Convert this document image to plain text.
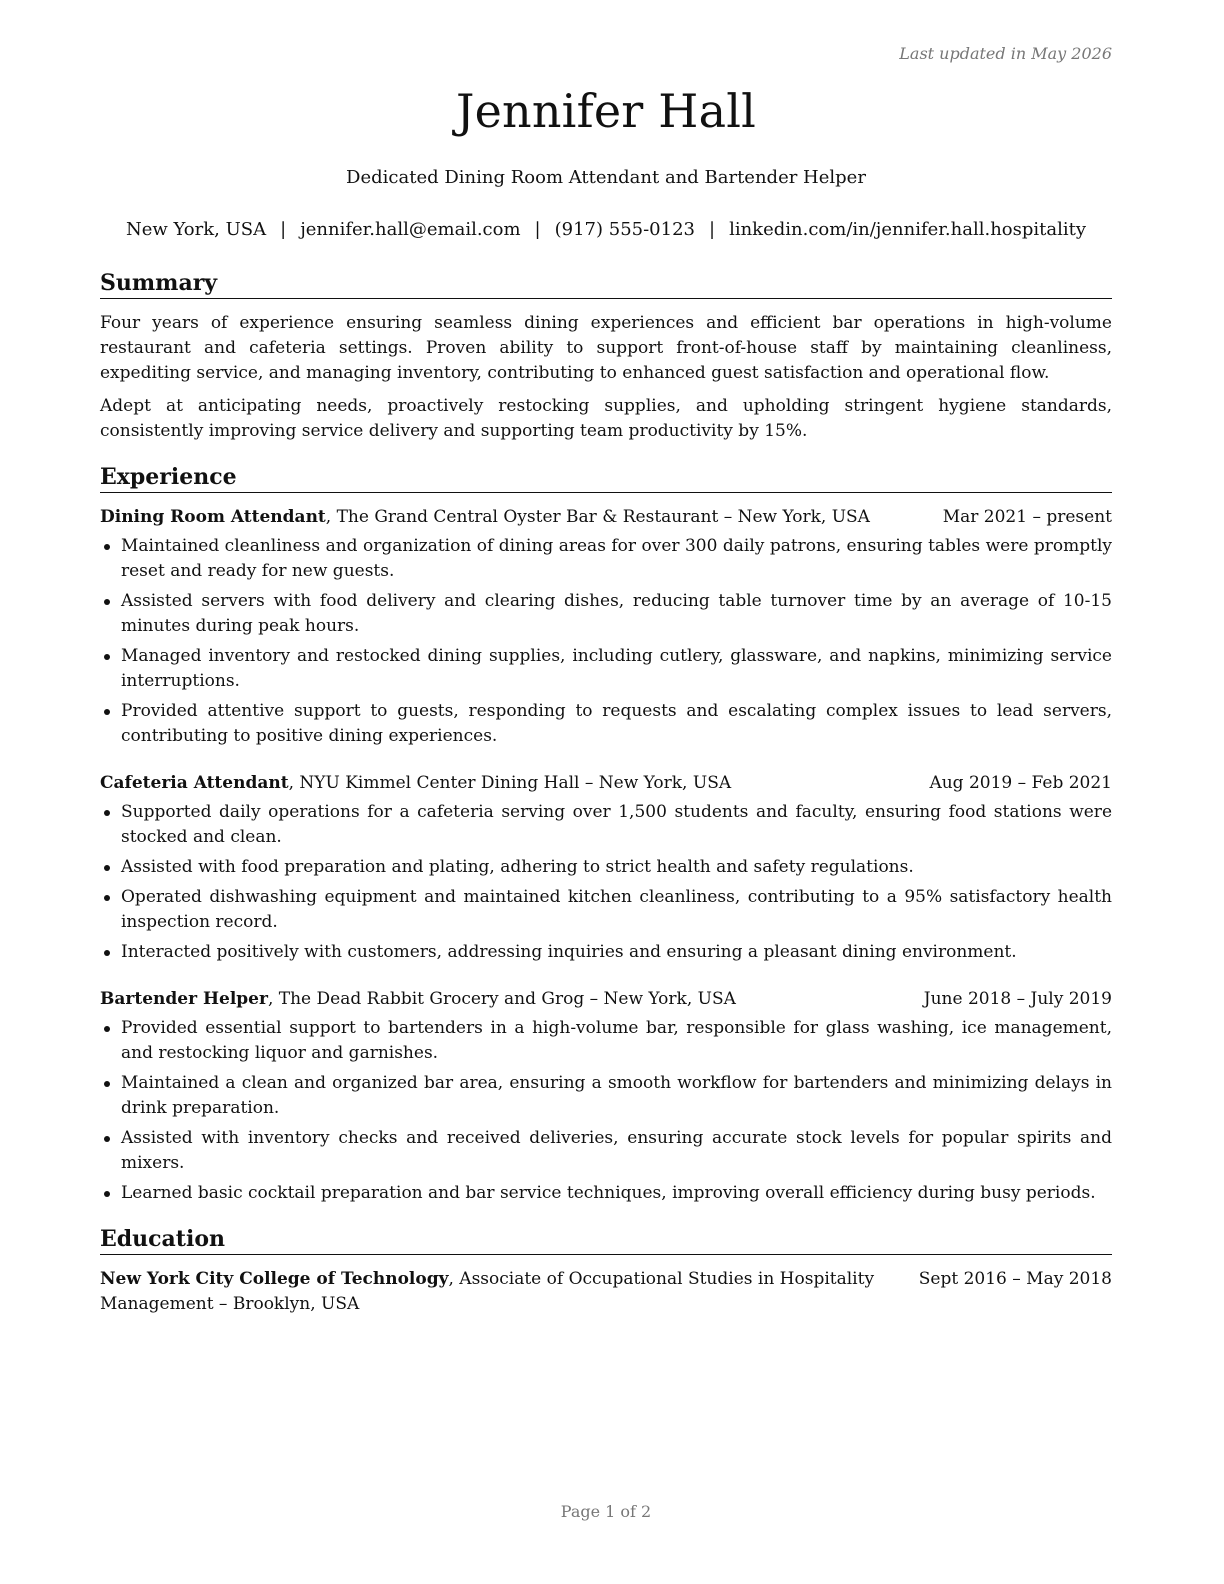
Last updated in May 2026
Jennifer Hall
Dedicated Dining Room Attendant and Bartender Helper
New York, USA | jennifer.hall@email.com | (917) 555-0123 | linkedin.com/in/jennifer.hall.hospitality
Summary

Four years of experience ensuring seamless dining experiences and efficient bar operations in high-volume restaurant and cafeteria settings. Proven ability to support front-of-house staff by maintaining cleanliness, expediting service, and managing inventory, contributing to enhanced guest satisfaction and operational flow.

Adept at anticipating needs, proactively restocking supplies, and upholding stringent hygiene standards, consistently improving service delivery and supporting team productivity by 15%.

Experience
Dining Room Attendant, The Grand Central Oyster Bar & Restaurant – New York, USA	Mar 2021 – present
Maintained cleanliness and organization of dining areas for over 300 daily patrons, ensuring tables were promptly reset and ready for new guests.
Assisted servers with food delivery and clearing dishes, reducing table turnover time by an average of 10-15 minutes during peak hours.
Managed inventory and restocked dining supplies, including cutlery, glassware, and napkins, minimizing service interruptions.
Provided attentive support to guests, responding to requests and escalating complex issues to lead servers, contributing to positive dining experiences.
Cafeteria Attendant, NYU Kimmel Center Dining Hall – New York, USA	Aug 2019 – Feb 2021
Supported daily operations for a cafeteria serving over 1,500 students and faculty, ensuring food stations were stocked and clean.
Assisted with food preparation and plating, adhering to strict health and safety regulations.
Operated dishwashing equipment and maintained kitchen cleanliness, contributing to a 95% satisfactory health inspection record.
Interacted positively with customers, addressing inquiries and ensuring a pleasant dining environment.
Bartender Helper, The Dead Rabbit Grocery and Grog – New York, USA	June 2018 – July 2019
Provided essential support to bartenders in a high-volume bar, responsible for glass washing, ice management, and restocking liquor and garnishes.
Maintained a clean and organized bar area, ensuring a smooth workflow for bartenders and minimizing delays in drink preparation.
Assisted with inventory checks and received deliveries, ensuring accurate stock levels for popular spirits and mixers.
Learned basic cocktail preparation and bar service techniques, improving overall efficiency during busy periods.
Education
New York City College of Technology, Associate of Occupational Studies in Hospitality Management – Brooklyn, USA
Sept 2016 – May 2018
Page 1 of 2
